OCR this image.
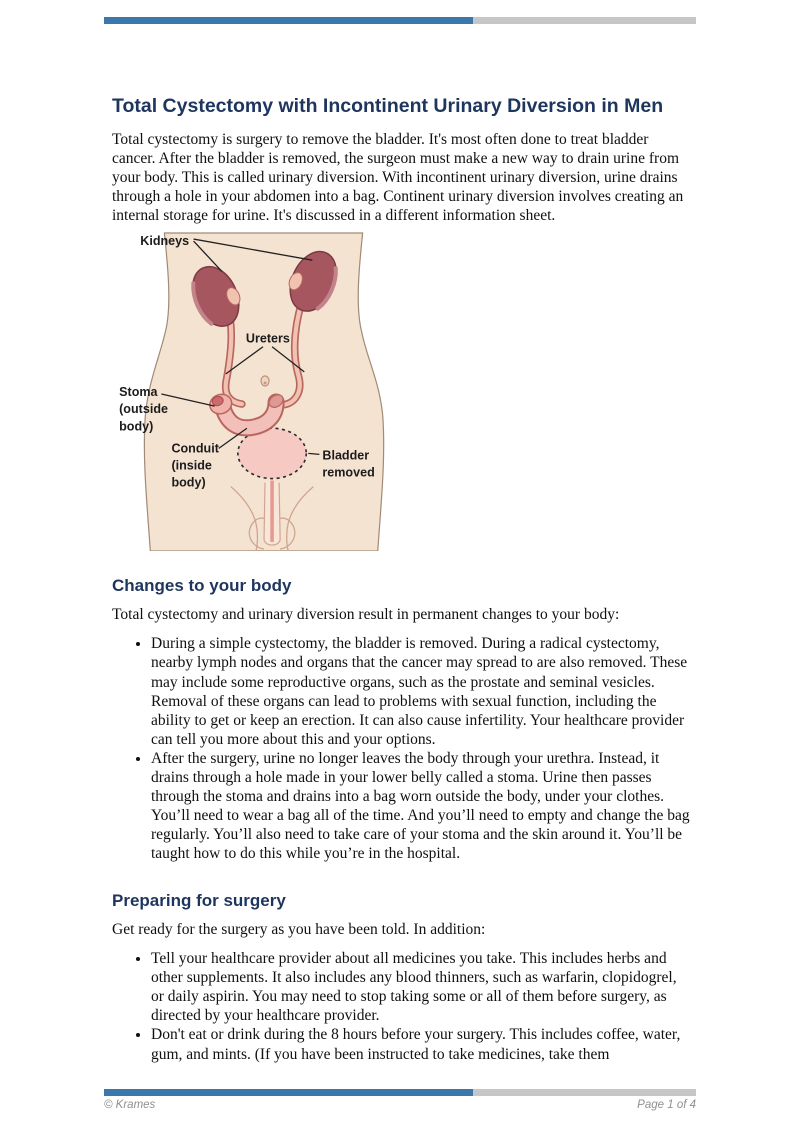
Total Cystectomy with Incontinent Urinary Diversion in Men

Total cystectomy is surgery to remove the bladder. It's most often done to treat bladder cancer. After the bladder is removed, the surgeon must make a new way to drain urine from your body. This is called urinary diversion. With incontinent urinary diversion, urine drains through a hole in your abdomen into a bag. Continent urinary diversion involves creating an internal storage for urine. It's discussed in a different information sheet.

Kidneys
Ureters
Stoma
(outside
body)
Conduit
(inside
body)
Bladder
removed
Changes to your body

Total cystectomy and urinary diversion result in permanent changes to your body:

• During a simple cystectomy, the bladder is removed. During a radical cystectomy, nearby lymph nodes and organs that the cancer may spread to are also removed. These may include some reproductive organs, such as the prostate and seminal vesicles. Removal of these organs can lead to problems with sexual function, including the ability to get or keep an erection. It can also cause infertility. Your healthcare provider can tell you more about this and your options.
• After the surgery, urine no longer leaves the body through your urethra. Instead, it drains through a hole made in your lower belly called a stoma. Urine then passes through the stoma and drains into a bag worn outside the body, under your clothes. You’ll need to wear a bag all of the time. And you’ll need to empty and change the bag regularly. You’ll also need to take care of your stoma and the skin around it. You’ll be taught how to do this while you’re in the hospital.
Preparing for surgery

Get ready for the surgery as you have been told. In addition:

• Tell your healthcare provider about all medicines you take. This includes herbs and other supplements. It also includes any blood thinners, such as warfarin, clopidogrel, or daily aspirin. You may need to stop taking some or all of them before surgery, as directed by your healthcare provider.
• Don't eat or drink during the 8 hours before your surgery. This includes coffee, water, gum, and mints. (If you have been instructed to take medicines, take them
© Krames	Page 1 of 4
